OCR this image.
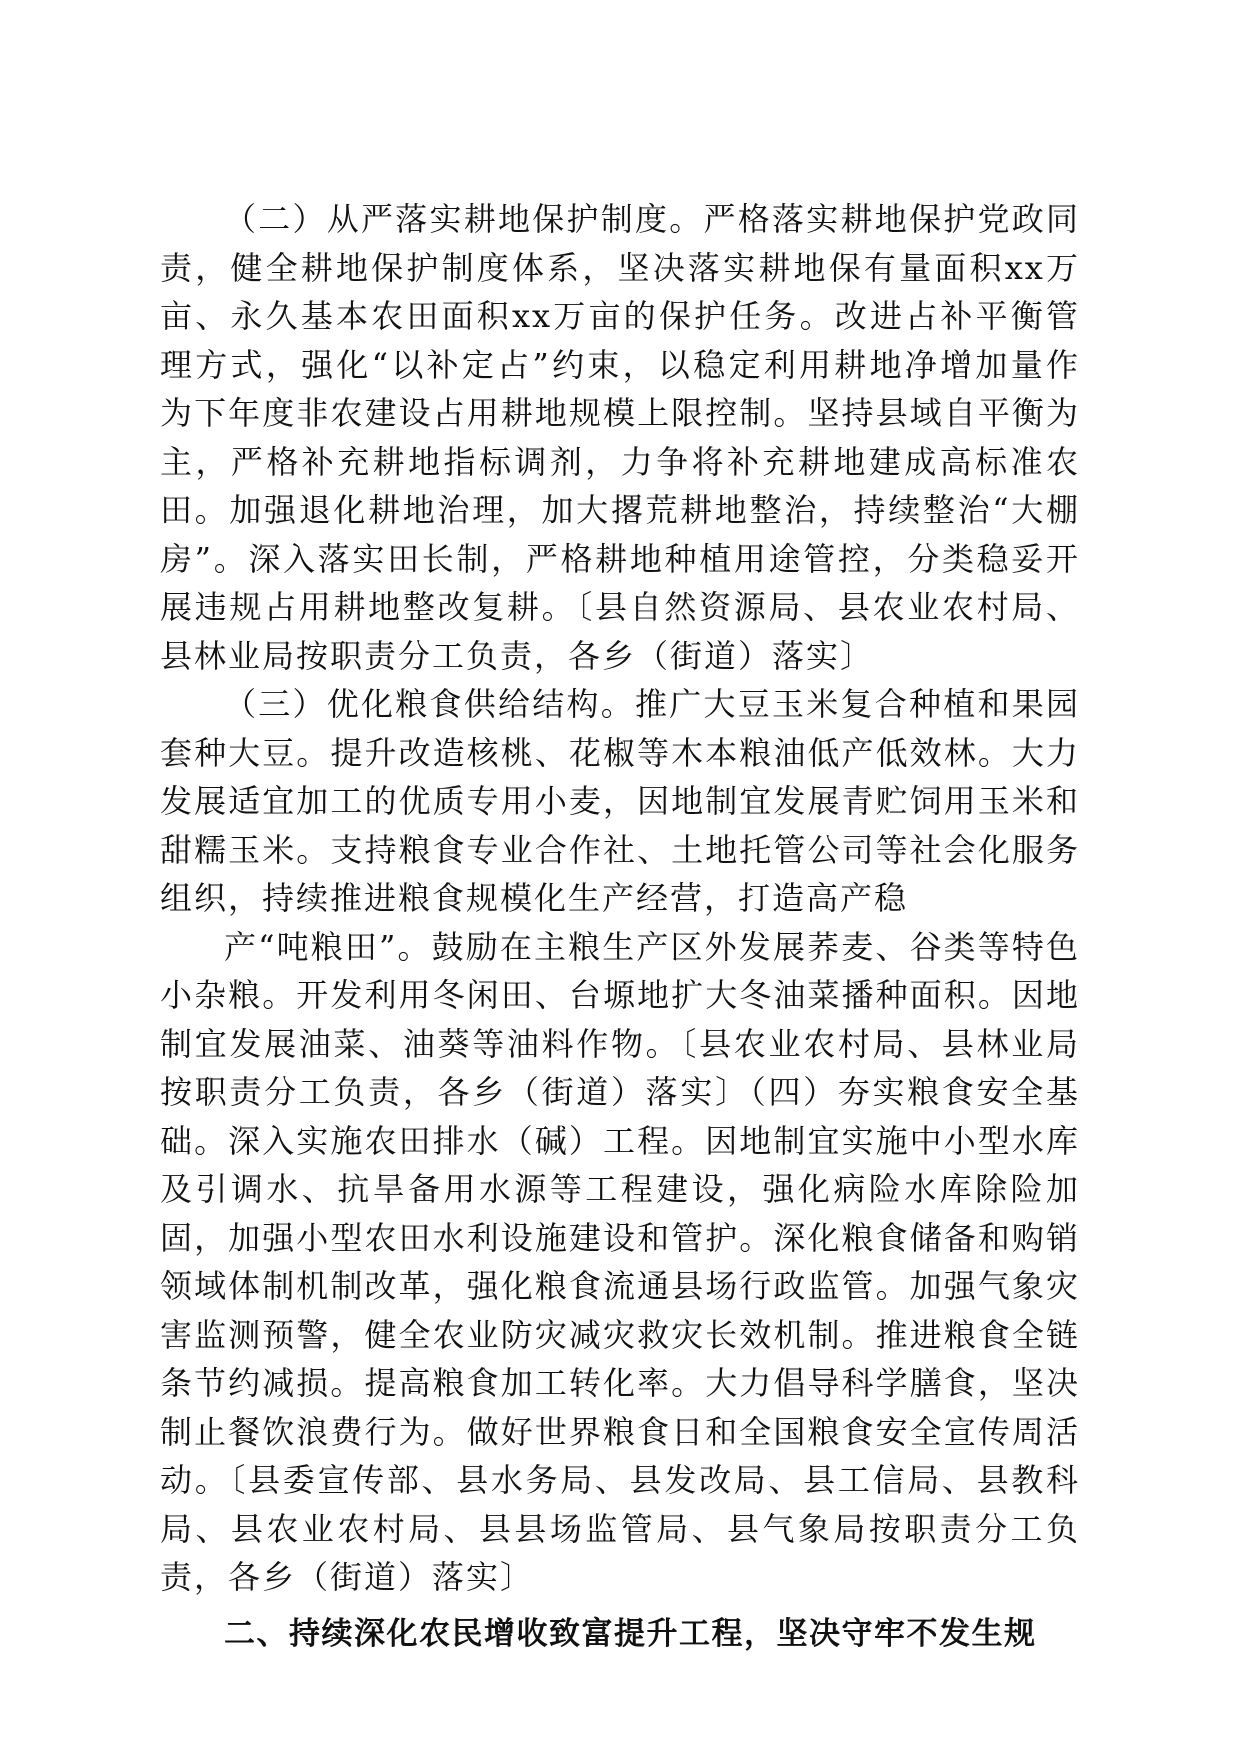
（二）从严落实耕地保护制度。严格落实耕地保护党政同责，健全耕地保护制度体系，坚决落实耕地保有量面积xx万亩、永久基本农田面积xx万亩的保护任务。改进占补平衡管理方式，强化“以补定占”约束，以稳定利用耕地净增加量作为下年度非农建设占用耕地规模上限控制。坚持县域自平衡为主，严格补充耕地指标调剂，力争将补充耕地建成高标准农田。加强退化耕地治理，加大撂荒耕地整治，持续整治“大棚房”。深入落实田长制，严格耕地种植用途管控，分类稳妥开展违规占用耕地整改复耕。〔县自然资源局、县农业农村局、县林业局按职责分工负责，各乡（街道）落实〕

（三）优化粮食供给结构。推广大豆玉米复合种植和果园套种大豆。提升改造核桃、花椒等木本粮油低产低效林。大力发展适宜加工的优质专用小麦，因地制宜发展青贮饲用玉米和甜糯玉米。支持粮食专业合作社、土地托管公司等社会化服务组织，持续推进粮食规模化生产经营，打造高产稳

产“吨粮田”。鼓励在主粮生产区外发展荞麦、谷类等特色小杂粮。开发利用冬闲田、台塬地扩大冬油菜播种面积。因地制宜发展油菜、油葵等油料作物。〔县农业农村局、县林业局按职责分工负责，各乡（街道）落实〕（四）夯实粮食安全基础。深入实施农田排水（碱）工程。因地制宜实施中小型水库及引调水、抗旱备用水源等工程建设，强化病险水库除险加固，加强小型农田水利设施建设和管护。深化粮食储备和购销领域体制机制改革，强化粮食流通县场行政监管。加强气象灾害监测预警，健全农业防灾减灾救灾长效机制。推进粮食全链条节约减损。提高粮食加工转化率。大力倡导科学膳食，坚决制止餐饮浪费行为。做好世界粮食日和全国粮食安全宣传周活动。〔县委宣传部、县水务局、县发改局、县工信局、县教科局、县农业农村局、县县场监管局、县气象局按职责分工负责，各乡（街道）落实〕

二、持续深化农民增收致富提升工程，坚决守牢不发生规
